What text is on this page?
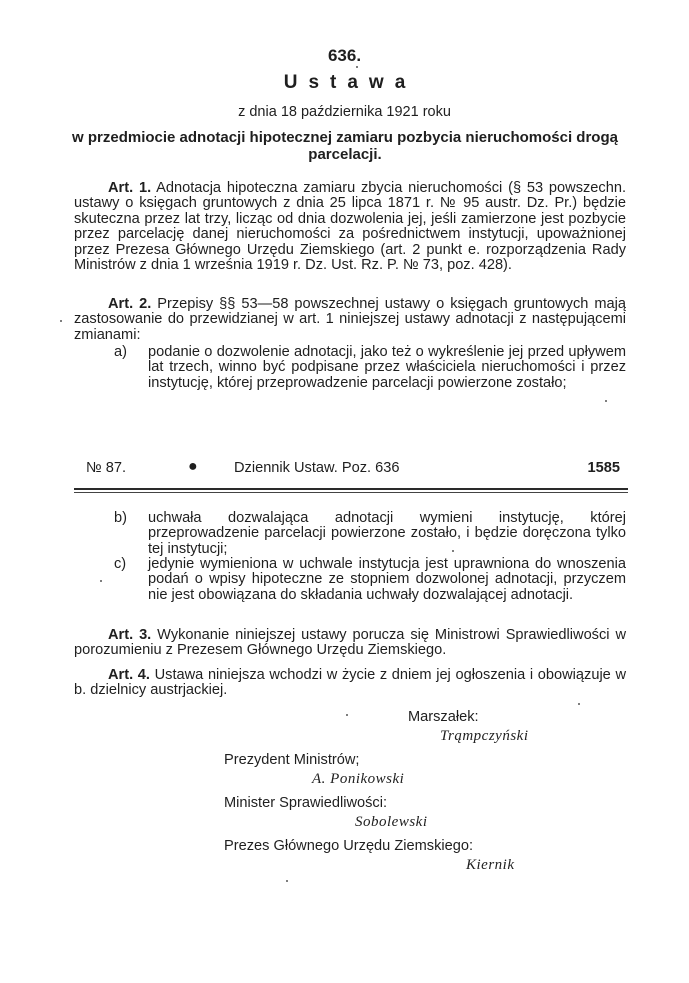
636.
Ustawa
z dnia 18 października 1921 roku
w przedmiocie adnotacji hipotecznej zamiaru pozbycia nieruchomości drogą parcelacji.
Art. 1. Adnotacja hipoteczna zamiaru zbycia nieruchomości (§ 53 powszechn. ustawy o księgach gruntowych z dnia 25 lipca 1871 r. № 95 austr. Dz. Pr.) będzie skuteczna przez lat trzy, licząc od dnia dozwolenia jej, jeśli zamierzone jest pozbycie przez parcelację danej nieruchomości za pośrednictwem instytucji, upoważnionej przez Prezesa Głównego Urzędu Ziemskiego (art. 2 punkt e. rozporządzenia Rady Ministrów z dnia 1 września 1919 r. Dz. Ust. Rz. P. № 73, poz. 428).
Art. 2. Przepisy §§ 53—58 powszechnej ustawy o księgach gruntowych mają zastosowanie do przewidzianej w art. 1 niniejszej ustawy adnotacji z następującemi zmianami:
a)	podanie o dozwolenie adnotacji, jako też o wykreślenie jej przed upływem lat trzech, winno być podpisane przez właściciela nieruchomości i przez instytucję, której przeprowadzenie parcelacji powierzone zostało;
№ 87.	● Dziennik Ustaw. Poz. 636	1585
b)	uchwała dozwalająca adnotacji wymieni instytucję, której przeprowadzenie parcelacji powierzone zostało, i będzie doręczona tylko tej instytucji;
c)	jedynie wymieniona w uchwale instytucja jest uprawniona do wnoszenia podań o wpisy hipoteczne ze stopniem dozwolonej adnotacji, przyczem nie jest obowiązana do składania uchwały dozwalającej adnotacji.
Art. 3. Wykonanie niniejszej ustawy porucza się Ministrowi Sprawiedliwości w porozumieniu z Prezesem Głównego Urzędu Ziemskiego.
Art. 4. Ustawa niniejsza wchodzi w życie z dniem jej ogłoszenia i obowiązuje w b. dzielnicy austrjackiej.
Marszałek:
Trąmpczyński
Prezydent Ministrów;
A. Ponikowski
Minister Sprawiedliwości:
Sobolewski
Prezes Głównego Urzędu Ziemskiego:
Kiernik
